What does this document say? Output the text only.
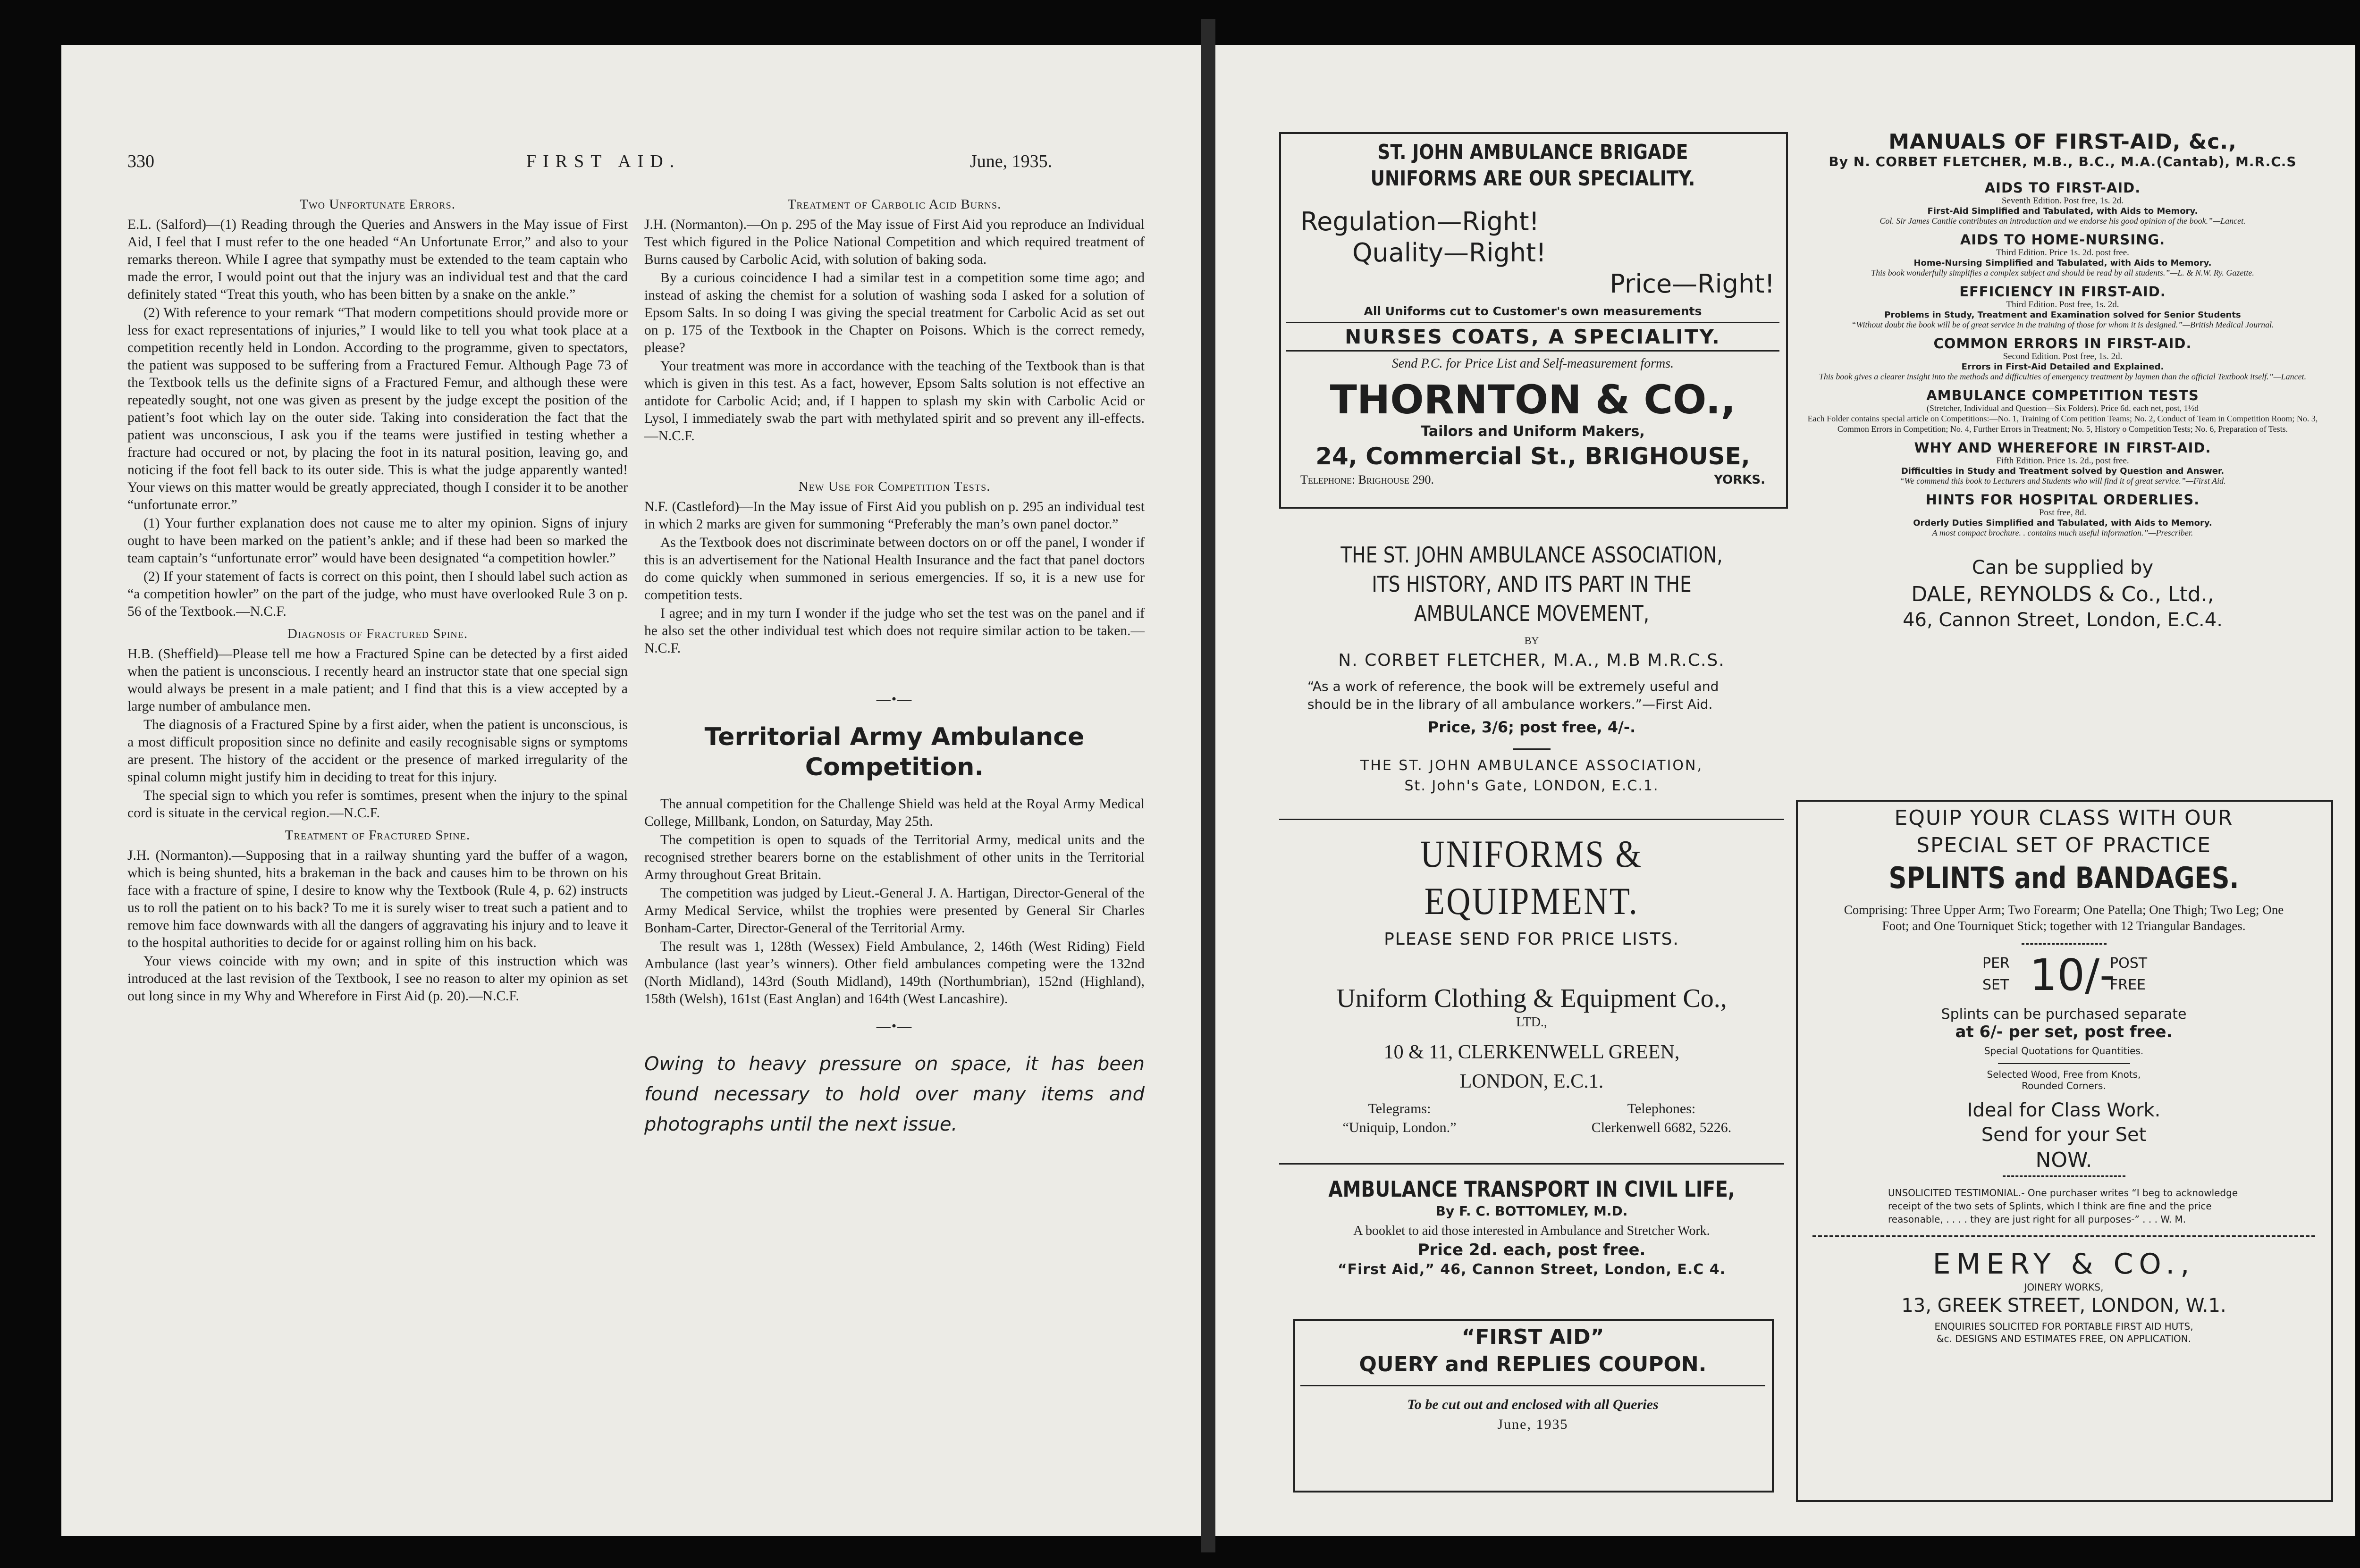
330	FIRST AID.	June, 1935.
Two Unfortunate Errors.

E.L. (Salford)—(1) Reading through the Queries and Answers in the May issue of First Aid, I feel that I must refer to the one headed “An Unfortunate Error,” and also to your remarks thereon. While I agree that sympathy must be extended to the team captain who made the error, I would point out that the injury was an individual test and that the card definitely stated “Treat this youth, who has been bitten by a snake on the ankle.”

(2) With reference to your remark “That modern competitions should provide more or less for exact representations of injuries,” I would like to tell you what took place at a competition recently held in London. According to the programme, given to spectators, the patient was supposed to be suffering from a Fractured Femur. Although Page 73 of the Textbook tells us the definite signs of a Fractured Femur, and although these were repeatedly sought, not one was given as present by the judge except the position of the patient’s foot which lay on the outer side. Taking into consideration the fact that the patient was unconscious, I ask you if the teams were justified in testing whether a fracture had occured or not, by placing the foot in its natural position, leaving go, and noticing if the foot fell back to its outer side. This is what the judge apparently wanted! Your views on this matter would be greatly appreciated, though I consider it to be another “unfortunate error.”

(1) Your further explanation does not cause me to alter my opinion. Signs of injury ought to have been marked on the patient’s ankle; and if these had been so marked the team captain’s “unfortunate error” would have been designated “a competition howler.”

(2) If your statement of facts is correct on this point, then I should label such action as “a competition howler” on the part of the judge, who must have overlooked Rule 3 on p. 56 of the Textbook.—N.C.F.

Diagnosis of Fractured Spine.

H.B. (Sheffield)—Please tell me how a Fractured Spine can be detected by a first aided when the patient is unconscious. I recently heard an instructor state that one special sign would always be present in a male patient; and I find that this is a view accepted by a large number of ambulance men.

The diagnosis of a Fractured Spine by a first aider, when the patient is unconscious, is a most difficult proposition since no definite and easily recognisable signs or symptoms are present. The history of the accident or the presence of marked irregularity of the spinal column might justify him in deciding to treat for this injury.

The special sign to which you refer is somtimes, present when the injury to the spinal cord is situate in the cervical region.—N.C.F.

Treatment of Fractured Spine.

J.H. (Normanton).—Supposing that in a railway shunting yard the buffer of a wagon, which is being shunted, hits a brakeman in the back and causes him to be thrown on his face with a fracture of spine, I desire to know why the Textbook (Rule 4, p. 62) instructs us to roll the patient on to his back? To me it is surely wiser to treat such a patient and to remove him face downwards with all the dangers of aggravating his injury and to leave it to the hospital authorities to decide for or against rolling him on his back.

Your views coincide with my own; and in spite of this instruction which was introduced at the last revision of the Textbook, I see no reason to alter my opinion as set out long since in my Why and Wherefore in First Aid (p. 20).—N.C.F.

Treatment of Carbolic Acid Burns.

J.H. (Normanton).—On p. 295 of the May issue of First Aid you reproduce an Individual Test which figured in the Police National Competition and which required treatment of Burns caused by Carbolic Acid, with solution of baking soda.

By a curious coincidence I had a similar test in a competition some time ago; and instead of asking the chemist for a solution of washing soda I asked for a solution of Epsom Salts. In so doing I was giving the special treatment for Carbolic Acid as set out on p. 175 of the Textbook in the Chapter on Poisons. Which is the correct remedy, please?

Your treatment was more in accordance with the teaching of the Textbook than is that which is given in this test. As a fact, however, Epsom Salts solution is not effective an antidote for Carbolic Acid; and, if I happen to splash my skin with Carbolic Acid or Lysol, I immediately swab the part with methylated spirit and so prevent any ill-effects.—N.C.F.

New Use for Competition Tests.

N.F. (Castleford)—In the May issue of First Aid you publish on p. 295 an individual test in which 2 marks are given for summoning “Preferably the man’s own panel doctor.”

As the Textbook does not discriminate between doctors on or off the panel, I wonder if this is an advertisement for the National Health Insurance and the fact that panel doctors do come quickly when summoned in serious emergencies. If so, it is a new use for competition tests.

I agree; and in my turn I wonder if the judge who set the test was on the panel and if he also set the other individual test which does not require similar action to be taken.—N.C.F.

—•—
Territorial Army Ambulance Competition.

The annual competition for the Challenge Shield was held at the Royal Army Medical College, Millbank, London, on Saturday, May 25th.

The competition is open to squads of the Territorial Army, medical units and the recognised strether bearers borne on the establishment of other units in the Territorial Army throughout Great Britain.

The competition was judged by Lieut.-General J. A. Hartigan, Director-General of the Army Medical Service, whilst the trophies were presented by General Sir Charles Bonham-Carter, Director-General of the Territorial Army.

The result was 1, 128th (Wessex) Field Ambulance, 2, 146th (West Riding) Field Ambulance (last year’s winners). Other field ambulances competing were the 132nd (North Midland), 143rd (South Midland), 149th (Northumbrian), 152nd (Highland), 158th (Welsh), 161st (East Anglan) and 164th (West Lancashire).

—•—
Owing to heavy pressure on space, it has been found necessary to hold over many items and photographs until the next issue.
ST. JOHN AMBULANCE BRIGADE
UNIFORMS ARE OUR SPECIALITY.
Regulation—Right!
Quality—Right!
Price—Right!
All Uniforms cut to Customer's own measurements
NURSES COATS, A SPECIALITY.
Send P.C. for Price List and Self-measurement forms.
THORNTON & CO.,
Tailors and Uniform Makers,
24, Commercial St., BRIGHOUSE,
Telephone: Brighouse 290.	YORKS.
THE ST. JOHN AMBULANCE ASSOCIATION,
ITS HISTORY, AND ITS PART IN THE
AMBULANCE MOVEMENT,
BY
N. CORBET FLETCHER, M.A., M.B M.R.C.S.
“As a work of reference, the book will be extremely useful and should be in the library of all ambulance workers.”—First Aid.
Price, 3/6; post free, 4/-.
THE ST. JOHN AMBULANCE ASSOCIATION,
St. John's Gate, LONDON, E.C.1.
UNIFORMS & EQUIPMENT.
PLEASE SEND FOR PRICE LISTS.
Uniform Clothing & Equipment Co.,
LTD.,
10 & 11, CLERKENWELL GREEN,
LONDON, E.C.1.
Telegrams:
“Uniquip, London.”
Telephones:
Clerkenwell 6682, 5226.
AMBULANCE TRANSPORT IN CIVIL LIFE,
By F. C. BOTTOMLEY, M.D.
A booklet to aid those interested in Ambulance and Stretcher Work.
Price 2d. each, post free.
“First Aid,” 46, Cannon Street, London, E.C 4.
“FIRST AID”
QUERY and REPLIES COUPON.
To be cut out and enclosed with all Queries
June, 1935
MANUALS OF FIRST-AID, &c.,
By N. CORBET FLETCHER, M.B., B.C., M.A.(Cantab), M.R.C.S
AIDS TO FIRST-AID.
Seventh Edition. Post free, 1s. 2d.
First-Aid Simplified and Tabulated, with Aids to Memory.
Col. Sir James Cantlie contributes an introduction and we endorse his good opinion of the book.”—Lancet.
AIDS TO HOME-NURSING.
Third Edition. Price 1s. 2d. post free.
Home-Nursing Simplified and Tabulated, with Aids to Memory.
This book wonderfully simplifies a complex subject and should be read by all students.”—L. & N.W. Ry. Gazette.
EFFICIENCY IN FIRST-AID.
Third Edition. Post free, 1s. 2d.
Problems in Study, Treatment and Examination solved for Senior Students
“Without doubt the book will be of great service in the training of those for whom it is designed.”—British Medical Journal.
COMMON ERRORS IN FIRST-AID.
Second Edition. Post free, 1s. 2d.
Errors in First-Aid Detailed and Explained.
This book gives a clearer insight into the methods and difficulties of emergency treatment by laymen than the official Textbook itself.”—Lancet.
AMBULANCE COMPETITION TESTS
(Stretcher, Individual and Question—Six Folders). Price 6d. each net, post, 1½d
Each Folder contains special article on Competitions:—No. 1, Training of Com petition Teams; No. 2, Conduct of Team in Competition Room; No. 3, Common Errors in Competition; No. 4, Further Errors in Treatment; No. 5, History o Competition Tests; No. 6, Preparation of Tests.
WHY AND WHEREFORE IN FIRST-AID.
Fifth Edition. Price 1s. 2d., post free.
Difficulties in Study and Treatment solved by Question and Answer.
“We commend this book to Lecturers and Students who will find it of great service.”—First Aid.
HINTS FOR HOSPITAL ORDERLIES.
Post free, 8d.
Orderly Duties Simplified and Tabulated, with Aids to Memory.
A most compact brochure. . contains much useful information.”—Prescriber.
Can be supplied by
DALE, REYNOLDS & Co., Ltd.,
46, Cannon Street, London, E.C.4.
EQUIP YOUR CLASS WITH OUR
SPECIAL SET OF PRACTICE
SPLINTS and BANDAGES.
Comprising: Three Upper Arm; Two Forearm; One Patella; One Thigh; Two Leg; One Foot; and One Tourniquet Stick; together with 12 Triangular Bandages.
PER
SET 10/-
POST
FREE
Splints can be purchased separate
at 6/- per set, post free.
Special Quotations for Quantities.
Selected Wood, Free from Knots, Rounded Corners.
Ideal for Class Work.
Send for your Set
NOW.
UNSOLICITED TESTIMONIAL.- One purchaser writes “I beg to acknowledge receipt of the two sets of Splints, which I think are fine and the price reasonable, . . . . they are just right for all purposes-” . . . W. M.
EMERY & CO.,
JOINERY WORKS,
13, GREEK STREET, LONDON, W.1.
ENQUIRIES SOLICITED FOR PORTABLE FIRST AID HUTS, &c. DESIGNS AND ESTIMATES FREE, ON APPLICATION.
